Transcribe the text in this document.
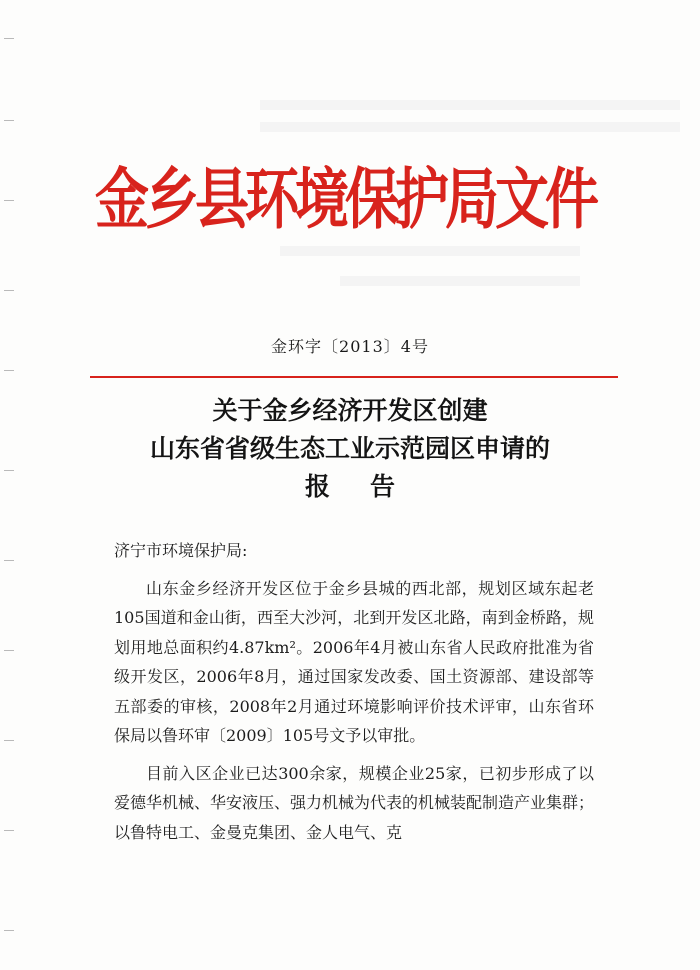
金乡县环境保护局文件
金环字〔2013〕4号
关于金乡经济开发区创建
山东省省级生态工业示范园区申请的
报告

济宁市环境保护局:

山东金乡经济开发区位于金乡县城的西北部，规划区域东起老105国道和金山街，西至大沙河，北到开发区北路，南到金桥路，规划用地总面积约4.87km²。2006年4月被山东省人民政府批准为省级开发区，2006年8月，通过国家发改委、国土资源部、建设部等五部委的审核，2008年2月通过环境影响评价技术评审，山东省环保局以鲁环审〔2009〕105号文予以审批。

目前入区企业已达300余家，规模企业25家，已初步形成了以爱德华机械、华安液压、强力机械为代表的机械装配制造产业集群；以鲁特电工、金曼克集团、金人电气、克
